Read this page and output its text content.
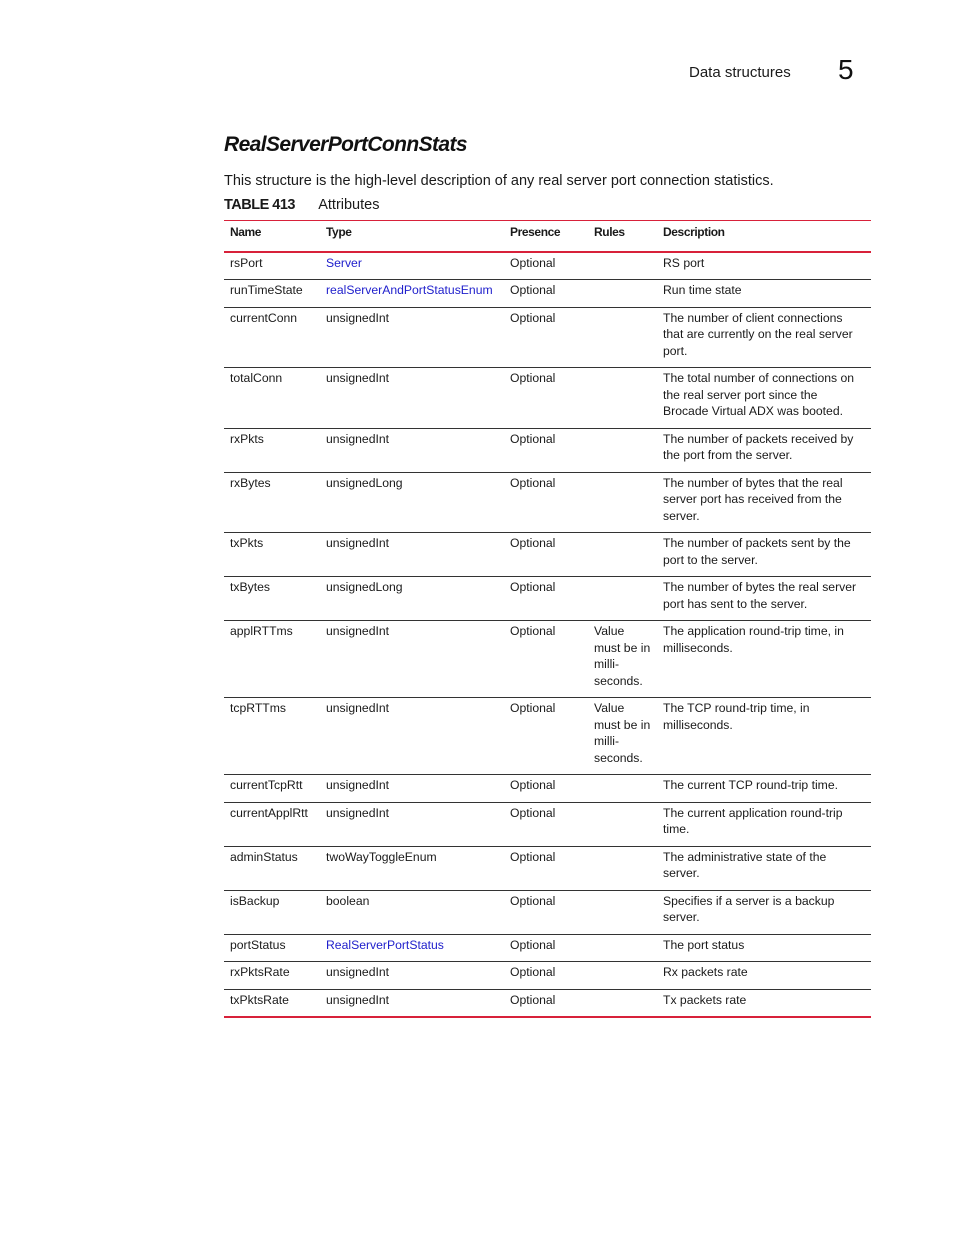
Data structures 5
RealServerPortConnStats
This structure is the high-level description of any real server port connection statistics.
TABLE 413 Attributes
Name	Type	Presence	Rules	Description
rsPort	Server	Optional		RS port
runTimeState	realServerAndPortStatusEnum	Optional		Run time state
currentConn	unsignedInt	Optional		The number of client connections that are currently on the real server port.
totalConn	unsignedInt	Optional		The total number of connections on the real server port since the Brocade Virtual ADX was booted.
rxPkts	unsignedInt	Optional		The number of packets received by the port from the server.
rxBytes	unsignedLong	Optional		The number of bytes that the real server port has received from the server.
txPkts	unsignedInt	Optional		The number of packets sent by the port to the server.
txBytes	unsignedLong	Optional		The number of bytes the real server port has sent to the server.
applRTTms	unsignedInt	Optional	Value must be in milli-seconds.	The application round-trip time, in milliseconds.
tcpRTTms	unsignedInt	Optional	Value must be in milli-seconds.	The TCP round-trip time, in milliseconds.
currentTcpRtt	unsignedInt	Optional		The current TCP round-trip time.
currentApplRtt	unsignedInt	Optional		The current application round-trip time.
adminStatus	twoWayToggleEnum	Optional		The administrative state of the server.
isBackup	boolean	Optional		Specifies if a server is a backup server.
portStatus	RealServerPortStatus	Optional		The port status
rxPktsRate	unsignedInt	Optional		Rx packets rate
txPktsRate	unsignedInt	Optional		Tx packets rate
